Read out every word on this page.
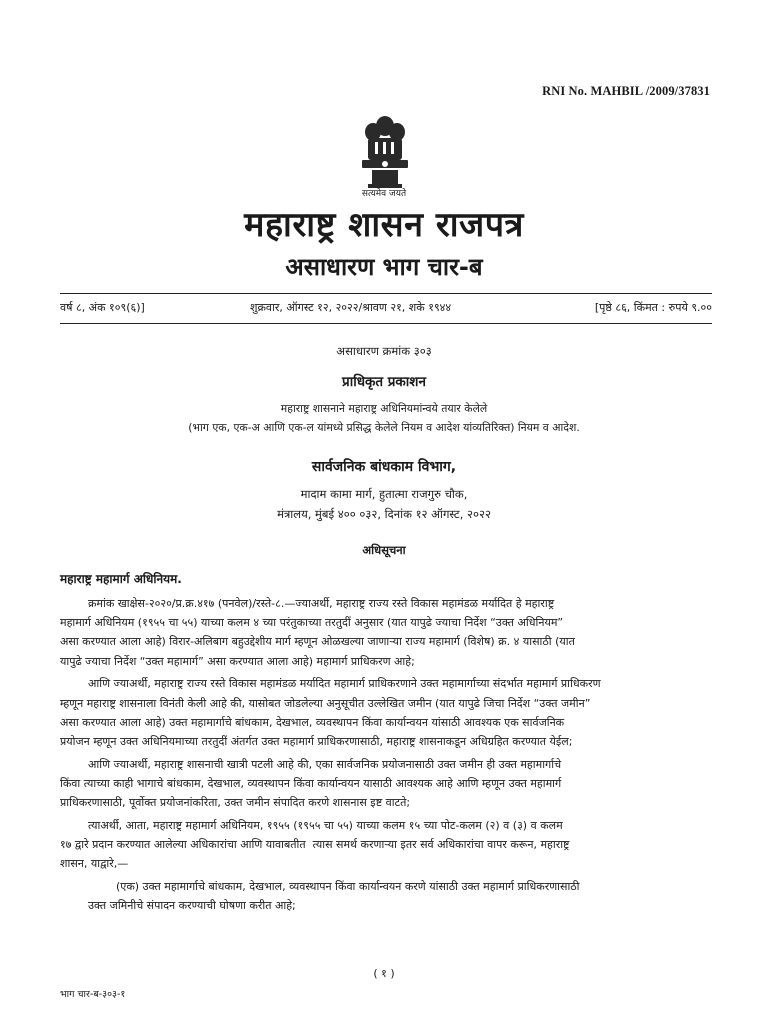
RNI No. MAHBIL /2009/37831
सत्यमेव जयते
महाराष्ट्र शासन राजपत्र
असाधारण भाग चार-ब
वर्ष ८, अंक १०९(६)]	शुक्रवार, ऑगस्ट १२, २०२२/श्रावण २१, शके १९४४	[पृष्ठे ८६, किंमत : रुपये ९.००
असाधारण क्रमांक ३०३
प्राधिकृत प्रकाशन
महाराष्ट्र शासनाने महाराष्ट्र अधिनियमांन्वये तयार केलेले
(भाग एक, एक-अ आणि एक-ल यांमध्ये प्रसिद्ध केलेले नियम व आदेश यांव्यतिरिक्त) नियम व आदेश.
सार्वजनिक बांधकाम विभाग,
मादाम कामा मार्ग, हुतात्मा राजगुरु चौक,
मंत्रालय, मुंबई ४०० ०३२, दिनांक १२ ऑगस्ट, २०२२
अधिसूचना
महाराष्ट्र महामार्ग अधिनियम.
क्रमांक खाक्षेस-२०२०/प्र.क्र.४१७ (पनवेल)/रस्ते-८.—ज्याअर्थी, महाराष्ट्र राज्य रस्ते विकास महामंडळ मर्यादित हे महाराष्ट्र
महामार्ग अधिनियम (१९५५ चा ५५) याच्या कलम ४ च्या परंतुकाच्या तरतुदीं अनुसार (यात यापुढे ज्याचा निर्देश “उक्त अधिनियम”
असा करण्यात आला आहे) विरार-अलिबाग बहुउद्देशीय मार्ग म्हणून ओळखल्या जाणाऱ्या राज्य महामार्ग (विशेष) क्र. ४ यासाठी (यात
यापुढे ज्याचा निर्देश “उक्त महामार्ग” असा करण्यात आला आहे) महामार्ग प्राधिकरण आहे;
आणि ज्याअर्थी, महाराष्ट्र राज्य रस्ते विकास महामंडळ मर्यादित महामार्ग प्राधिकरणाने उक्त महामार्गाच्या संदर्भात महामार्ग प्राधिकरण
म्हणून महाराष्ट्र शासनाला विनंती केली आहे की, यासोबत जोडलेल्या अनुसूचीत उल्लेखित जमीन (यात यापुढे जिचा निर्देश “उक्त जमीन”
असा करण्यात आला आहे) उक्त महामार्गाचे बांधकाम, देखभाल, व्यवस्थापन किंवा कार्यान्वयन यांसाठी आवश्यक एक सार्वजनिक
प्रयोजन म्हणून उक्त अधिनियमाच्या तरतुदीं अंतर्गत उक्त महामार्ग प्राधिकरणासाठी, महाराष्ट्र शासनाकडून अधिग्रहित करण्यात येईल;
आणि ज्याअर्थी, महाराष्ट्र शासनाची खात्री पटली आहे की, एका सार्वजनिक प्रयोजनासाठी उक्त जमीन ही उक्त महामार्गाचे
किंवा त्याच्या काही भागाचे बांधकाम, देखभाल, व्यवस्थापन किंवा कार्यान्वयन यासाठी आवश्यक आहे आणि म्हणून उक्त महामार्ग
प्राधिकरणासाठी, पूर्वोक्त प्रयोजनांकरिता, उक्त जमीन संपादित करणे शासनास इष्ट वाटते;
त्याअर्थी, आता, महाराष्ट्र महामार्ग अधिनियम, १९५५ (१९५५ चा ५५) याच्या कलम १५ च्या पोट-कलम (२) व (३) व कलम
१७ द्वारे प्रदान करण्यात आलेल्या अधिकारांचा आणि यावाबतीत  त्यास समर्थ करणाऱ्या इतर सर्व अधिकारांचा वापर करून, महाराष्ट्र
शासन, याद्वारे,—
(एक) उक्त महामार्गाचे बांधकाम, देखभाल, व्यवस्थापन किंवा कार्यान्वयन करणे यांसाठी उक्त महामार्ग प्राधिकरणासाठी
उक्त जमिनीचे संपादन करण्याची घोषणा करीत आहे;
( १ )
भाग चार-ब-३०३-१
